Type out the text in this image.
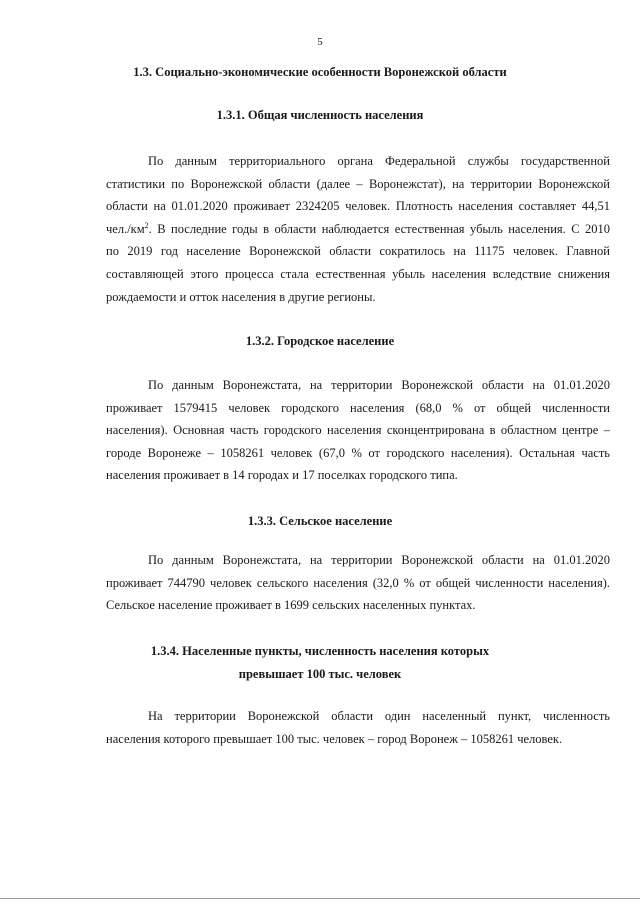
5
1.3. Социально-экономические особенности Воронежской области
1.3.1. Общая численность населения
По данным территориального органа Федеральной службы государственной
статистики по Воронежской области (далее – Воронежстат), на территории Воронежской
области на 01.01.2020 проживает 2324205 человек. Плотность населения составляет 44,51
$чел./км^2$. В последние годы в области наблюдается естественная убыль населения. С 2010
по 2019 год население Воронежской области сократилось на 11175 человек. Главной
составляющей этого процесса стала естественная убыль населения вследствие снижения
рождаемости и отток населения в другие регионы.
1.3.2. Городское население
По данным Воронежстата, на территории Воронежской области на 01.01.2020
проживает 1579415 человек городского населения (68,0 % от общей численности
населения). Основная часть городского населения сконцентрирована в областном центре –
городе Воронеже – 1058261 человек (67,0 % от городского населения). Остальная часть
населения проживает в 14 городах и 17 поселках городского типа.
1.3.3. Сельское население
По данным Воронежстата, на территории Воронежской области на 01.01.2020
проживает 744790 человек сельского населения (32,0 % от общей численности населения).
Сельское население проживает в 1699 сельских населенных пунктах.
1.3.4. Населенные пункты, численность населения которых
превышает 100 тыс. человек
На территории Воронежской области один населенный пункт, численность
населения которого превышает 100 тыс. человек – город Воронеж – 1058261 человек.
